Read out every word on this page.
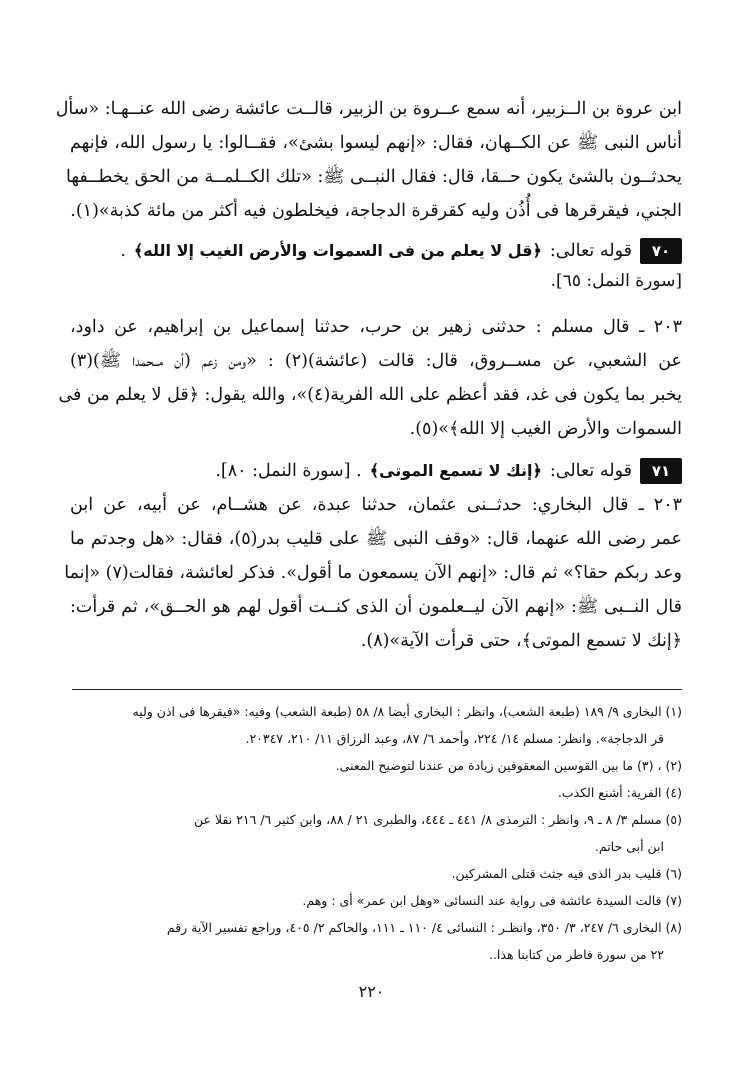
ابن عروة بن الــزبير، أنه سمع عــروة بن الزبير، قالــت عائشة رضى الله عنــهـا: «سأل
أناس النبى ﷺ عن الكــهان، فقال: «إنهم ليسوا بشئ»، فقــالوا: يا رسول الله، فإنهم
يحدثــون بالشئ يكون حــقا، قال: فقال النبــى ﷺ: «تلك الكــلمــة من الحق يخطــفها
الجني، فيقرقرها فى أُذُن وليه كقرقرة الدجاجة، فيخلطون فيه أكثر من مائة كذبة»(١).

٧٠
قوله تعالى:
﴿قل لا يعلم من فى السموات والأرض الغيب إلا الله﴾
.
[سورة النمل: ٦٥].

٢٠٣ ـ قال مسلم : حدثنى زهير بن حرب، حدثنا إسماعيل بن إبراهيم، عن داود،
عن الشعبي، عن مســروق، قال: قالت (عائشة)(٢) : «ومن زعم (أن مــحمدا ﷺ)(٣)
يخبر بما يكون فى غد، فقد أعظم على الله الفرية(٤)»، والله يقول: ﴿قل لا يعلم من فى
السموات والأرض الغيب إلا الله﴾»(٥).

٧١
قوله تعالى:
﴿إنك لا تسمع الموتى﴾
. [سورة النمل: ٨٠].

٢٠٣ ـ قال البخاري: حدثــنى عثمان، حدثنا عبدة، عن هشــام، عن أبيه، عن ابن
عمر رضى الله عنهما، قال: «وقف النبى ﷺ على قليب بدر(٥)، فقال: «هل وجدتم ما
وعد ربكم حقا؟» ثم قال: «إنهم الآن يسمعون ما أقول». فذكر لعائشة، فقالت(٧) «إنما
قال النــبى ﷺ: «إنهم الآن ليــعلمون أن الذى كنــت أقول لهم هو الحــق»، ثم قرأت:
﴿إنك لا تسمع الموتى﴾، حتى قرأت الآية»(٨).

(١) البخارى ٩/ ١٨٩ (طبعة الشعب)، وانظر : البخارى أيضا ٨/ ٥٨ (طبعة الشعب) وفيه: «فيقرها فى اذن وليه
قر الدجاجة». وانظر: مسلم ١٤/ ٢٢٤، وأحمد ٦/ ٨٧، وعبد الرزاق ١١/ ٢١٠، ٢٠٣٤٧.
(٢) ، (٣) ما بين القوسين المعقوفين زيادة من عندنا لتوضيح المعنى.
(٤) الفرية: أشنع الكذب.
(٥) مسلم ٣/ ٨ ـ ٩، وانظر : الترمذى ٨/ ٤٤١ ـ ٤٤٤، والطبرى ٢١ / ٨٨، وابن كثير ٦/ ٢١٦ نقلا عن
ابن أبى حاتم.
(٦) قليب بدر الذى فيه جثث قتلى المشركين.
(٧) قالت السيدة عائشة فى رواية عند النسائى «وهل ابن عمر» أى : وهم.
(٨) البخارى ٦/ ٢٤٧، ٣/ ٣٥٠، وانظـر : النسائى ٤/ ١١٠ ـ ١١١، والحاكم ٢/ ٤٠٥، وراجع تفسير الآية رقم
٢٢ من سورة فاطر من كتابنا هذا..
٢٢٠
